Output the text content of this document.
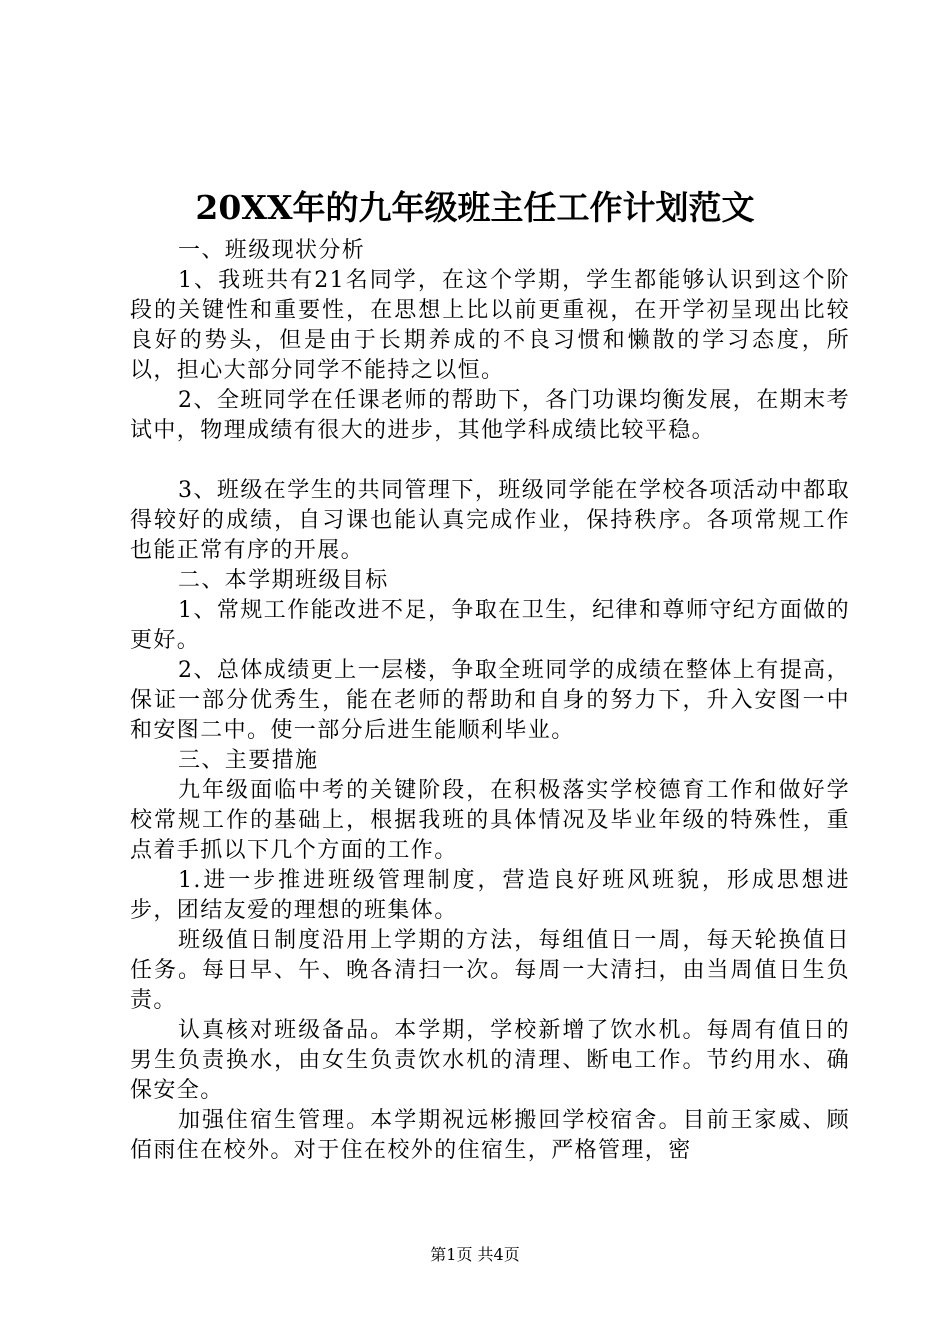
20XX年的九年级班主任工作计划范文

一、班级现状分析

1、我班共有21名同学，在这个学期，学生都能够认识到这个阶段的关键性和重要性，在思想上比以前更重视，在开学初呈现出比较良好的势头，但是由于长期养成的不良习惯和懒散的学习态度，所以，担心大部分同学不能持之以恒。

2、全班同学在任课老师的帮助下，各门功课均衡发展，在期末考试中，物理成绩有很大的进步，其他学科成绩比较平稳。

3、班级在学生的共同管理下，班级同学能在学校各项活动中都取得较好的成绩，自习课也能认真完成作业，保持秩序。各项常规工作也能正常有序的开展。

二、本学期班级目标

1、常规工作能改进不足，争取在卫生，纪律和尊师守纪方面做的更好。

2、总体成绩更上一层楼，争取全班同学的成绩在整体上有提高，保证一部分优秀生，能在老师的帮助和自身的努力下，升入安图一中和安图二中。使一部分后进生能顺利毕业。

三、主要措施

九年级面临中考的关键阶段，在积极落实学校德育工作和做好学校常规工作的基础上，根据我班的具体情况及毕业年级的特殊性，重点着手抓以下几个方面的工作。

1.进一步推进班级管理制度，营造良好班风班貌，形成思想进步，团结友爱的理想的班集体。

班级值日制度沿用上学期的方法，每组值日一周，每天轮换值日任务。每日早、午、晚各清扫一次。每周一大清扫，由当周值日生负责。

认真核对班级备品。本学期，学校新增了饮水机。每周有值日的男生负责换水，由女生负责饮水机的清理、断电工作。节约用水、确保安全。

加强住宿生管理。本学期祝远彬搬回学校宿舍。目前王家威、顾佰雨住在校外。对于住在校外的住宿生，严格管理，密

第1页 共4页
